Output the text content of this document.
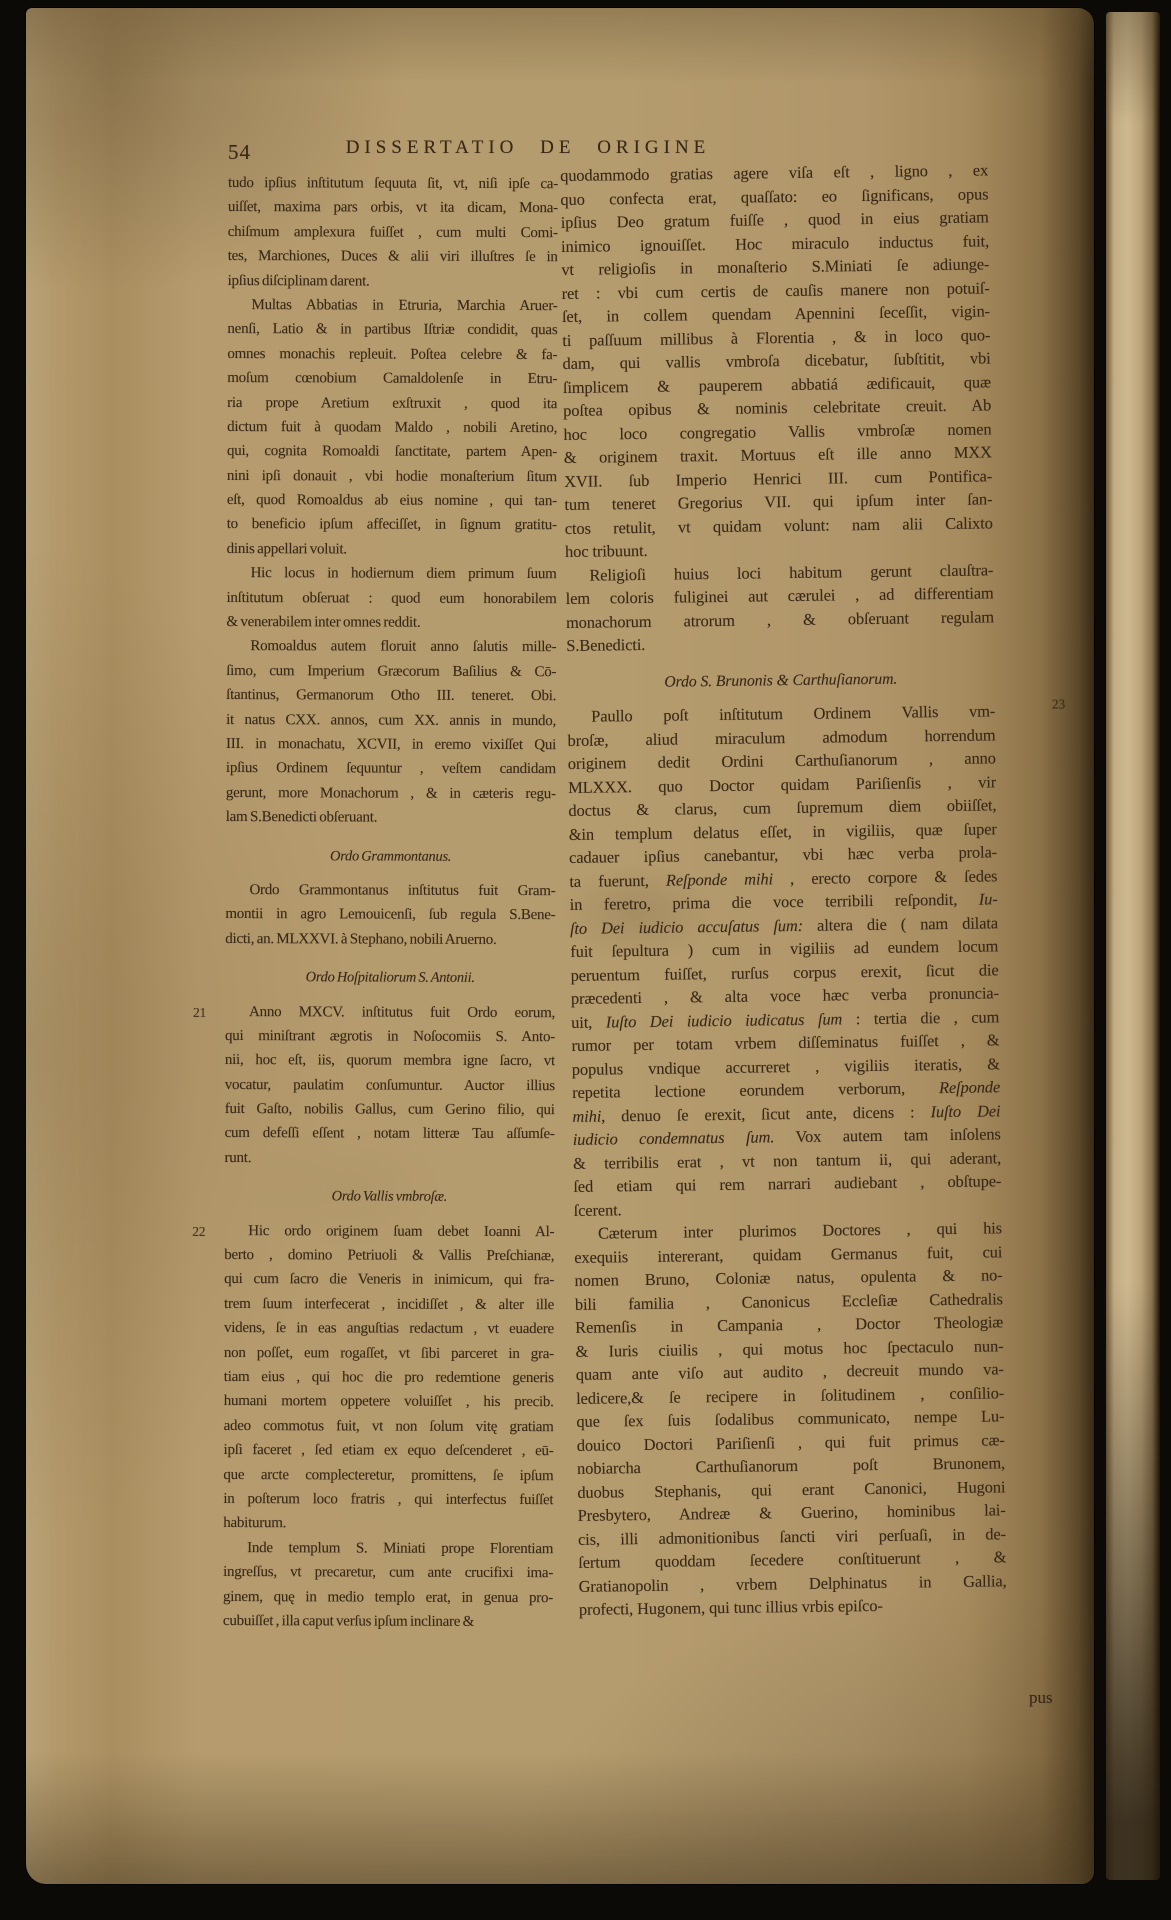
54	DISSERTATIO DE ORIGINE
tudo ipſius inſtitutum ſequuta ſit, vt, niſi ipſe ca-
uiſſet, maxima pars orbis, vt ita dicam, Mona-
chiſmum amplexura fuiſſet , cum multi Comi-
tes, Marchiones, Duces & alii viri illuſtres ſe in
ipſius diſciplinam darent.
Multas Abbatias in Etruria, Marchia Aruer-
nenſi, Latio & in partibus Iſtriæ condidit, quas
omnes monachis repleuit. Poſtea celebre & fa-
moſum cœnobium Camaldolenſe in Etru-
ria prope Aretium exſtruxit , quod ita
dictum fuit à quodam Maldo , nobili Aretino,
qui, cognita Romoaldi ſanctitate, partem Apen-
nini ipſi donauit , vbi hodie monaſterium ſitum
eſt, quod Romoaldus ab eius nomine , qui tan-
to beneficio ipſum affeciſſet, in ſignum gratitu-
dinis appellari voluit.
Hic locus in hodiernum diem primum ſuum
inſtitutum obſeruat : quod eum honorabilem
& venerabilem inter omnes reddit.
Romoaldus autem floruit anno ſalutis mille-
ſimo, cum Imperium Græcorum Baſilius & Cō-
ſtantinus, Germanorum Otho III. teneret. Obi.
it natus CXX. annos, cum XX. annis in mundo,
III. in monachatu, XCVII, in eremo vixiſſet Qui
ipſius Ordinem ſequuntur , veſtem candidam
gerunt, more Monachorum , & in cæteris regu-
lam S.Benedicti obſeruant.
Ordo Grammontanus.
Ordo Grammontanus inſtitutus fuit Gram-
montii in agro Lemouicenſi, ſub regula S.Bene-
dicti, an. MLXXVI. à Stephano, nobili Aruerno.
Ordo Hoſpitaliorum S. Antonii.
21	Anno MXCV. inſtitutus fuit Ordo eorum,
qui miniſtrant ægrotis in Noſocomiis S. Anto-
nii, hoc eſt, iis, quorum membra igne ſacro, vt
vocatur, paulatim conſumuntur. Auctor illius
fuit Gaſto, nobilis Gallus, cum Gerino filio, qui
cum defeſſi eſſent , notam litteræ Tau aſſumſe-
runt.
Ordo Vallis vmbroſæ.
22	Hic ordo originem ſuam debet Ioanni Al-
berto , domino Petriuoli & Vallis Preſchianæ,
qui cum ſacro die Veneris in inimicum, qui fra-
trem ſuum interfecerat , incidiſſet , & alter ille
videns, ſe in eas anguſtias redactum , vt euadere
non poſſet, eum rogaſſet, vt ſibi parceret in gra-
tiam eius , qui hoc die pro redemtione generis
humani mortem oppetere voluiſſet , his precib.
adeo commotus fuit, vt non ſolum vitę gratiam
ipſi faceret , ſed etiam ex equo deſcenderet , eū-
que arcte complecteretur, promittens, ſe ipſum
in poſterum loco fratris , qui interfectus fuiſſet
habiturum.
Inde templum S. Miniati prope Florentiam
ingreſſus, vt precaretur, cum ante crucifixi ima-
ginem, quę in medio templo erat, in genua pro-
cubuiſſet , illa caput verſus ipſum inclinare &
quodammodo gratias agere viſa eſt , ligno , ex
quo confecta erat, quaſſato: eo ſignificans, opus
ipſius Deo gratum fuiſſe , quod in eius gratiam
inimico ignouiſſet. Hoc miraculo inductus fuit,
vt religioſis in monaſterio S.Miniati ſe adiunge-
ret : vbi cum certis de cauſis manere non potuiſ-
ſet, in collem quendam Apennini ſeceſſit, vigin-
ti paſſuum millibus à Florentia , & in loco quo-
dam, qui vallis vmbroſa dicebatur, ſubſtitit, vbi
ſimplicem & pauperem abbatiá ædificauit, quæ
poſtea opibus & nominis celebritate creuit. Ab
hoc loco congregatio Vallis vmbroſæ nomen
& originem traxit. Mortuus eſt ille anno MXX
XVII. ſub Imperio Henrici III. cum Pontifica-
tum teneret Gregorius VII. qui ipſum inter ſan-
ctos retulit, vt quidam volunt: nam alii Calixto
hoc tribuunt.
Religioſi huius loci habitum gerunt clauſtra-
lem coloris fuliginei aut cærulei , ad differentiam
monachorum atrorum , & obſeruant regulam
S.Benedicti.
Ordo S. Brunonis & Carthuſianorum.
23
Paullo poſt inſtitutum Ordinem Vallis vm-
broſæ, aliud miraculum admodum horrendum
originem dedit Ordini Carthuſianorum , anno
MLXXX. quo Doctor quidam Pariſienſis , vir
doctus & clarus, cum ſupremum diem obiiſſet,
&in templum delatus eſſet, in vigiliis, quæ ſuper
cadauer ipſius canebantur, vbi hæc verba prola-
ta fuerunt, Reſponde mihi , erecto corpore & ſedes
in feretro, prima die voce terribili reſpondit, Iu-
ſto Dei iudicio accuſatus ſum: altera die ( nam dilata
fuit ſepultura ) cum in vigiliis ad eundem locum
peruentum fuiſſet, rurſus corpus erexit, ſicut die
præcedenti , & alta voce hæc verba pronuncia-
uit, Iuſto Dei iudicio iudicatus ſum : tertia die , cum
rumor per totam vrbem diſſeminatus fuiſſet , &
populus vndique accurreret , vigiliis iteratis, &
repetita lectione eorundem verborum, Reſponde
mihi, denuo ſe erexit, ſicut ante, dicens : Iuſto Dei
iudicio condemnatus ſum. Vox autem tam inſolens
& terribilis erat , vt non tantum ii, qui aderant,
ſed etiam qui rem narrari audiebant , obſtupe-
ſcerent.
Cæterum inter plurimos Doctores , qui his
exequiis intererant, quidam Germanus fuit, cui
nomen Bruno, Coloniæ natus, opulenta & no-
bili familia , Canonicus Eccleſiæ Cathedralis
Remenſis in Campania , Doctor Theologiæ
& Iuris ciuilis , qui motus hoc ſpectaculo nun-
quam ante viſo aut audito , decreuit mundo va-
ledicere,& ſe recipere in ſolitudinem , conſilio-
que ſex ſuis ſodalibus communicato, nempe Lu-
douico Doctori Pariſienſi , qui fuit primus cæ-
nobiarcha Carthuſianorum poſt Brunonem,
duobus Stephanis, qui erant Canonici, Hugoni
Presbytero, Andreæ & Guerino, hominibus lai-
cis, illi admonitionibus ſancti viri perſuaſi, in de-
ſertum quoddam ſecedere conſtituerunt , &
Gratianopolin , vrbem Delphinatus in Gallia,
profecti, Hugonem, qui tunc illius vrbis epiſco-
pus
